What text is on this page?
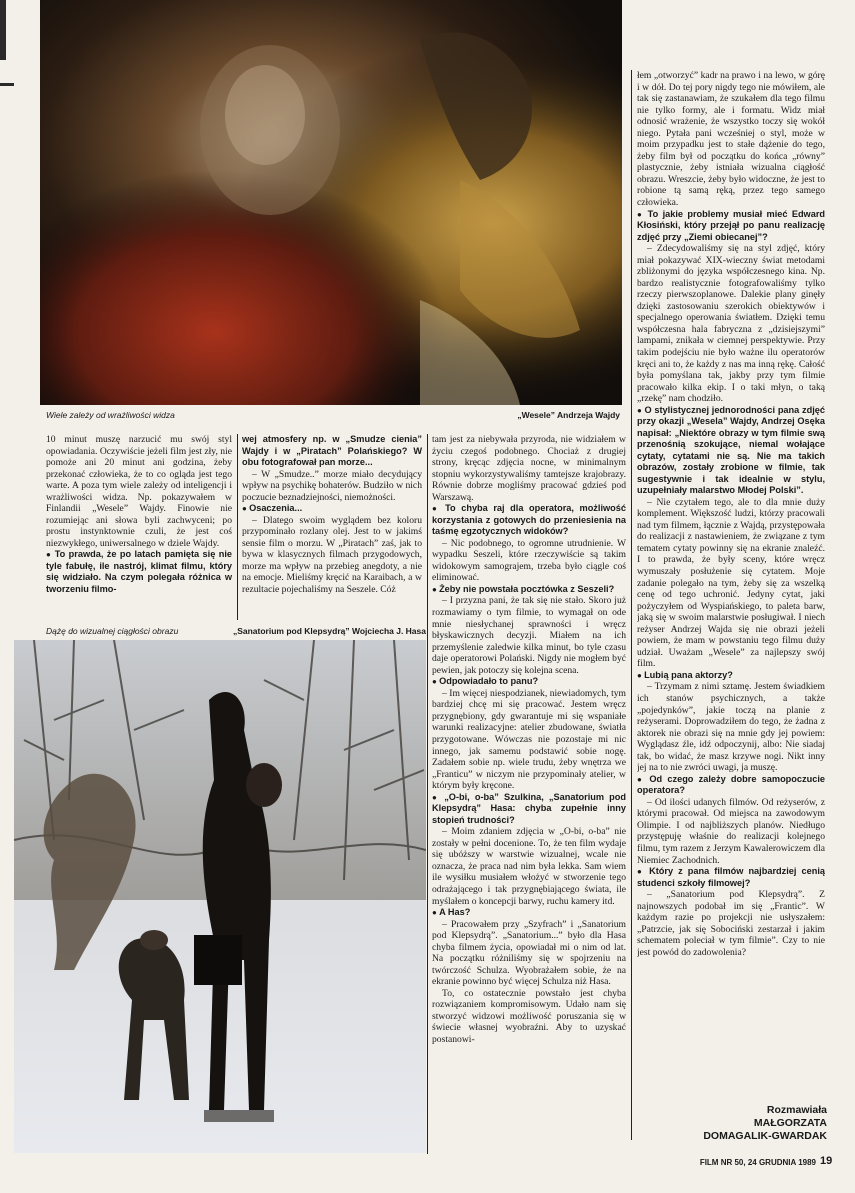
Wiele zależy od wrażliwości widza	„Wesele” Andrzeja Wajdy

10 minut muszę narzucić mu swój styl opowiadania. Oczywiście jeżeli film jest zły, nie pomoże ani 20 minut ani godzina, żeby przekonać człowieka, że to co ogląda jest tego warte. A poza tym wiele zależy od inteligencji i wrażliwości widza. Np. pokazywałem w Finlandii „Wesele” Wajdy. Finowie nie rozumiejąc ani słowa byli zachwyceni; po prostu instynktownie czuli, że jest coś niezwykłego, uniwersalnego w dziele Wajdy.

● To prawda, że po latach pamięta się nie tyle fabułę, ile nastrój, klimat filmu, który się widziało. Na czym polegała różnica w tworzeniu filmo-

wej atmosfery np. w „Smudze cienia” Wajdy i w „Piratach” Polańskiego? W obu fotografował pan morze...

– W „Smudze..” morze miało decydujący wpływ na psychikę bohaterów. Budziło w nich poczucie beznadziejności, niemożności.

● Osaczenia...

– Dlatego swoim wyglądem bez koloru przypominało rozlany olej. Jest to w jakimś sensie film o morzu. W „Piratach” zaś, jak to bywa w klasycznych filmach przygodowych, morze ma wpływ na przebieg anegdoty, a nie na emocje. Mieliśmy kręcić na Karaibach, a w rezultacie pojechaliśmy na Seszele. Cóż

Dążę do wizualnej ciągłości obrazu	„Sanatorium pod Klepsydrą” Wojciecha J. Hasa

tam jest za niebywała przyroda, nie widziałem w życiu czegoś podobnego. Chociaż z drugiej strony, kręcąc zdjęcia nocne, w minimalnym stopniu wykorzystywaliśmy tamtejsze krajobrazy. Równie dobrze mogliśmy pracować gdzieś pod Warszawą.

● To chyba raj dla operatora, możliwość korzystania z gotowych do przeniesienia na taśmę egzotycznych widoków?

– Nic podobnego, to ogromne utrudnienie. W wypadku Seszeli, które rzeczywiście są takim widokowym samograjem, trzeba było ciągle coś eliminować.

● Żeby nie powstała pocztówka z Seszeli?

– I przyzna pani, że tak się nie stało. Skoro już rozmawiamy o tym filmie, to wymagał on ode mnie niesłychanej sprawności i wręcz błyskawicznych decyzji. Miałem na ich przemyślenie zaledwie kilka minut, bo tyle czasu daje operatorowi Polański. Nigdy nie mogłem być pewien, jak potoczy się kolejna scena.

● Odpowiadało to panu?

– Im więcej niespodzianek, niewiadomych, tym bardziej chcę mi się pracować. Jestem wręcz przygnębiony, gdy gwarantuje mi się wspaniałe warunki realizacyjne: atelier zbudowane, światła przygotowane. Wówczas nie pozostaje mi nic innego, jak samemu podstawić sobie nogę. Zadałem sobie np. wiele trudu, żeby wnętrza we „Franticu” w niczym nie przypominały atelier, w którym były kręcone.

● „O-bi, o-ba” Szulkina, „Sanatorium pod Klepsydrą” Hasa: chyba zupełnie inny stopień trudności?

– Moim zdaniem zdjęcia w „O-bi, o-ba” nie zostały w pełni docenione. To, że ten film wydaje się ubóższy w warstwie wizualnej, wcale nie oznacza, że praca nad nim była lekka. Sam wiem ile wysiłku musiałem włożyć w stworzenie tego odrażającego i tak przygnębiającego świata, ile myślałem o koncepcji barwy, ruchu kamery itd.

● A Has?

– Pracowałem przy „Szyfrach” i „Sanatorium pod Klepsydrą”. „Sanatorium...” było dla Hasa chyba filmem życia, opowiadał mi o nim od lat. Na początku różniliśmy się w spojrzeniu na twórczość Schulza. Wyobrażałem sobie, że na ekranie powinno być więcej Schulza niż Hasa.

To, co ostatecznie powstało jest chyba rozwiązaniem kompromisowym. Udało nam się stworzyć widzowi możliwość poruszania się w świecie własnej wyobraźni. Aby to uzyskać postanowi-

łem „otworzyć” kadr na prawo i na lewo, w górę i w dół. Do tej pory nigdy tego nie mówiłem, ale tak się zastanawiam, że szukałem dla tego filmu nie tylko formy, ale i formatu. Widz miał odnosić wrażenie, że wszystko toczy się wokół niego. Pytała pani wcześniej o styl, może w moim przypadku jest to stałe dążenie do tego, żeby film był od początku do końca „równy” plastycznie, żeby istniała wizualna ciągłość obrazu. Wreszcie, żeby było widoczne, że jest to robione tą samą ręką, przez tego samego człowieka.

● To jakie problemy musiał mieć Edward Kłosiński, który przejął po panu realizację zdjęć przy „Ziemi obiecanej”?

– Zdecydowaliśmy się na styl zdjęć, który miał pokazywać XIX-wieczny świat metodami zbliżonymi do języka współczesnego kina. Np. bardzo realistycznie fotografowaliśmy tylko rzeczy pierwszoplanowe. Dalekie plany ginęły dzięki zastosowaniu szerokich obiektywów i specjalnego operowania światłem. Dzięki temu współczesna hala fabryczna z „dzisiejszymi” lampami, znikała w ciemnej perspektywie. Przy takim podejściu nie było ważne ilu operatorów kręci ani to, że każdy z nas ma inną rękę. Całość była pomyślana tak, jakby przy tym filmie pracowało kilka ekip. I o taki młyn, o taką „rzekę” nam chodziło.

● O stylistycznej jednorodności pana zdjęć przy okazji „Wesela” Wajdy, Andrzej Osęka napisał: „Niektóre obrazy w tym filmie swą przenośnią szokujące, niemal wołające cytaty, cytatami nie są. Nie ma takich obrazów, zostały zrobione w filmie, tak sugestywnie i tak idealnie w stylu, uzupełniały malarstwo Młodej Polski”.

– Nie czytałem tego, ale to dla mnie duży komplement. Większość ludzi, którzy pracowali nad tym filmem, łącznie z Wajdą, przystępowała do realizacji z nastawieniem, że związane z tym tematem cytaty powinny się na ekranie znaleźć. I to prawda, że były sceny, które wręcz wymuszały posłużenie się cytatem. Moje zadanie polegało na tym, żeby się za wszelką cenę od tego uchronić. Jedyny cytat, jaki pożyczyłem od Wyspiańskiego, to paleta barw, jaką się w swoim malarstwie posługiwał. I niech reżyser Andrzej Wajda się nie obrazi jeżeli powiem, że mam w powstaniu tego filmu duży udział. Uważam „Wesele” za najlepszy swój film.

● Lubią pana aktorzy?

– Trzymam z nimi sztamę. Jestem świadkiem ich stanów psychicznych, a także „pojedynków”, jakie toczą na planie z reżyserami. Doprowadziłem do tego, że żadna z aktorek nie obrazi się na mnie gdy jej powiem: Wyglądasz źle, idź odpoczynij, albo: Nie siadaj tak, bo widać, że masz krzywe nogi. Nikt inny jej na to nie zwróci uwagi, ja muszę.

● Od czego zależy dobre samopoczucie operatora?

– Od ilości udanych filmów. Od reżyserów, z którymi pracował. Od miejsca na zawodowym Olimpie. I od najbliższych planów. Niedługo przystępuję właśnie do realizacji kolejnego filmu, tym razem z Jerzym Kawalerowiczem dla Niemiec Zachodnich.

● Który z pana filmów najbardziej cenią studenci szkoły filmowej?

– „Sanatorium pod Klepsydrą”. Z najnowszych podobał im się „Frantic”. W każdym razie po projekcji nie usłyszałem: „Patrzcie, jak się Sobociński zestarzał i jakim schematem poleciał w tym filmie”. Czy to nie jest powód do zadowolenia?

Rozmawiała
MAŁGORZATA
DOMAGALIK-GWARDAK
FILM NR 50, 24 GRUDNIA 1989 19
